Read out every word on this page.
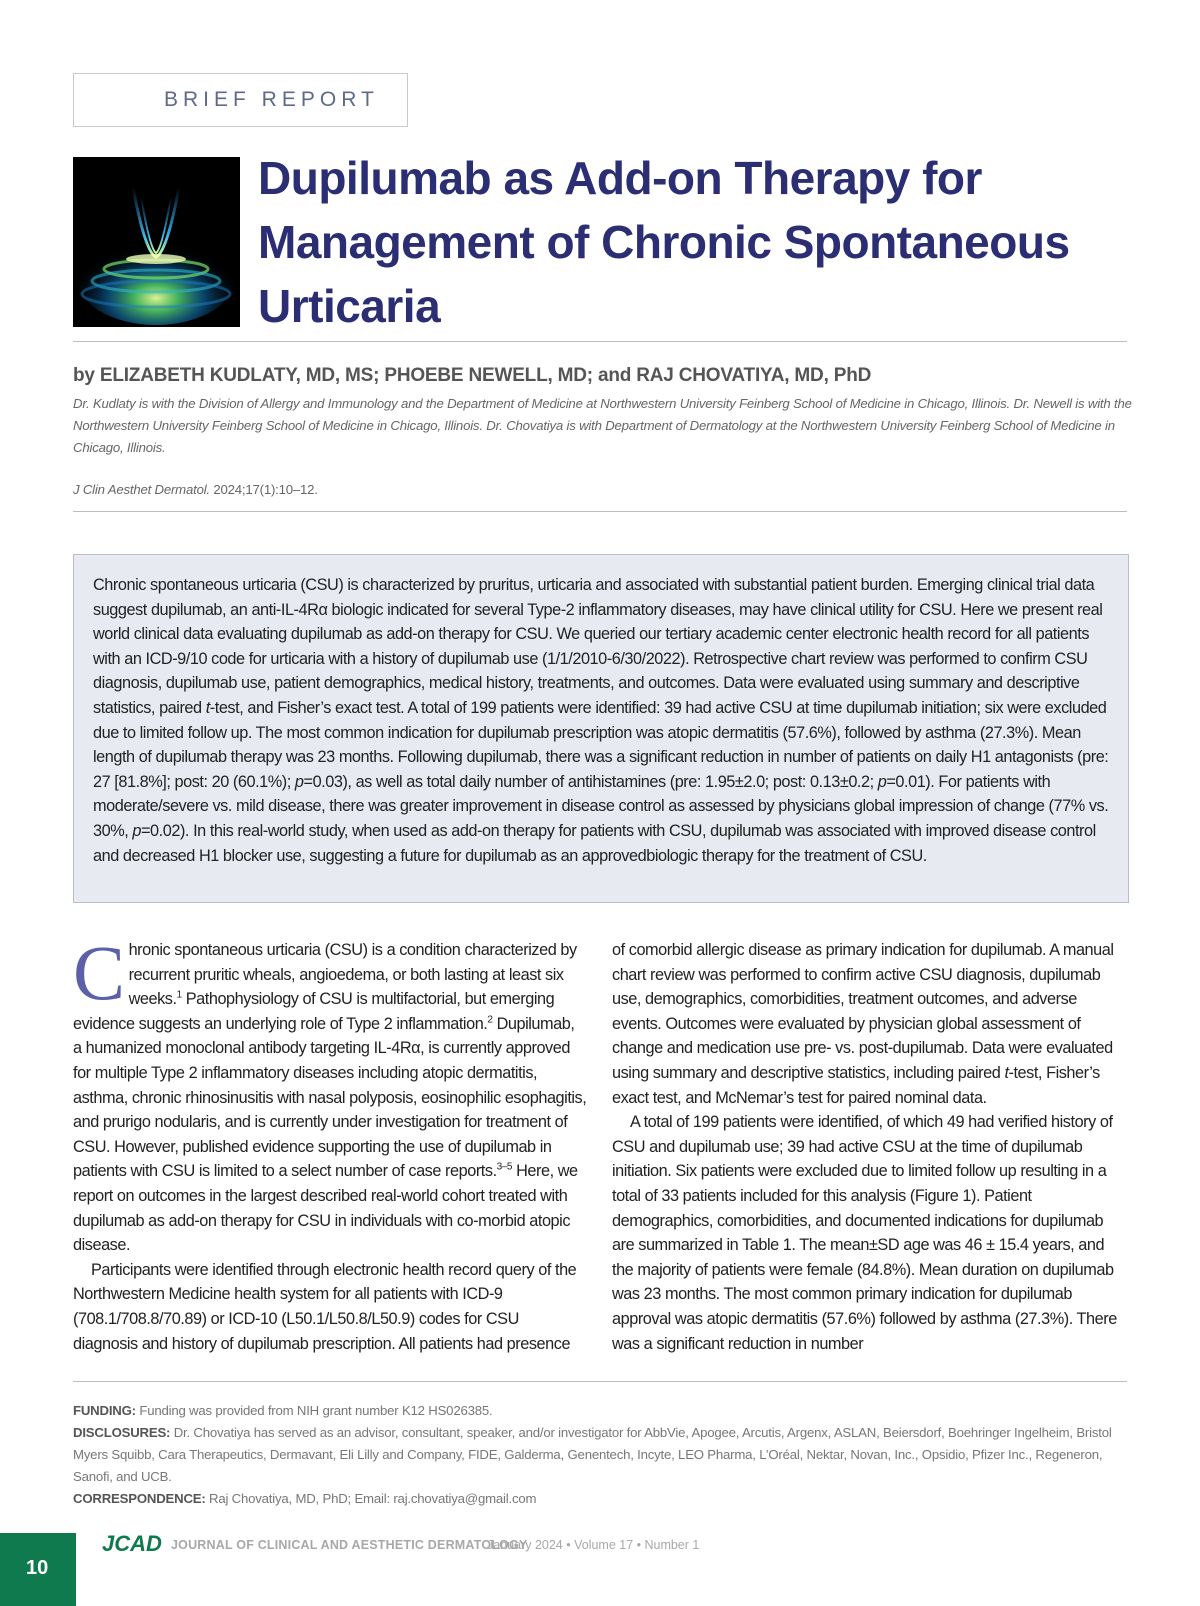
BRIEF REPORT
Dupilumab as Add-on Therapy for Management of Chronic Spontaneous Urticaria
by ELIZABETH KUDLATY, MD, MS; PHOEBE NEWELL, MD; and RAJ CHOVATIYA, MD, PhD
Dr. Kudlaty is with the Division of Allergy and Immunology and the Department of Medicine at Northwestern University Feinberg School of Medicine in Chicago, Illinois. Dr. Newell is with the Northwestern University Feinberg School of Medicine in Chicago, Illinois. Dr. Chovatiya is with Department of Dermatology at the Northwestern University Feinberg School of Medicine in Chicago, Illinois.
J Clin Aesthet Dermatol. 2024;17(1):10–12.

Chronic spontaneous urticaria (CSU) is characterized by pruritus, urticaria and associated with substantial patient burden. Emerging clinical trial data suggest dupilumab, an anti-IL-4Rα biologic indicated for several Type-2 inflammatory diseases, may have clinical utility for CSU. Here we present real world clinical data evaluating dupilumab as add-on therapy for CSU. We queried our tertiary academic center electronic health record for all patients with an ICD-9/10 code for urticaria with a history of dupilumab use (1/1/2010-6/30/2022). Retrospective chart review was performed to confirm CSU diagnosis, dupilumab use, patient demographics, medical history, treatments, and outcomes. Data were evaluated using summary and descriptive statistics, paired t-test, and Fisher’s exact test. A total of 199 patients were identified: 39 had active CSU at time dupilumab initiation; six were excluded due to limited follow up. The most common indication for dupilumab prescription was atopic dermatitis (57.6%), followed by asthma (27.3%). Mean length of dupilumab therapy was 23 months. Following dupilumab, there was a significant reduction in number of patients on daily H1 antagonists (pre: 27 [81.8%]; post: 20 (60.1%); p=0.03), as well as total daily number of antihistamines (pre: 1.95±2.0; post: 0.13±0.2; p=0.01). For patients with moderate/severe vs. mild disease, there was greater improvement in disease control as assessed by physicians global impression of change (77% vs. 30%, p=0.02). In this real-world study, when used as add-on therapy for patients with CSU, dupilumab was associated with improved disease control and decreased H1 blocker use, suggesting a future for dupilumab as an approvedbiologic therapy for the treatment of CSU.

Chronic spontaneous urticaria (CSU) is a condition characterized by recurrent pruritic wheals, angioedema, or both lasting at least six weeks.$^1$ Pathophysiology of CSU is multifactorial, but emerging evidence suggests an underlying role of Type 2 inflammation.$^2$ Dupilumab, a humanized monoclonal antibody targeting IL-4Rα, is currently approved for multiple Type 2 inflammatory diseases including atopic dermatitis, asthma, chronic rhinosinusitis with nasal polyposis, eosinophilic esophagitis, and prurigo nodularis, and is currently under investigation for treatment of CSU. However, published evidence supporting the use of dupilumab in patients with CSU is limited to a select number of case reports.$^{3-5}$ Here, we report on outcomes in the largest described real-world cohort treated with dupilumab as add-on therapy for CSU in individuals with co-morbid atopic disease.

Participants were identified through electronic health record query of the Northwestern Medicine health system for all patients with ICD-9 (708.1/708.8/70.89) or ICD-10 (L50.1/L50.8/L50.9) codes for CSU diagnosis and history of dupilumab prescription. All patients had presence

of comorbid allergic disease as primary indication for dupilumab. A manual chart review was performed to confirm active CSU diagnosis, dupilumab use, demographics, comorbidities, treatment outcomes, and adverse events. Outcomes were evaluated by physician global assessment of change and medication use pre- vs. post-dupilumab. Data were evaluated using summary and descriptive statistics, including paired t-test, Fisher’s exact test, and McNemar’s test for paired nominal data.

A total of 199 patients were identified, of which 49 had verified history of CSU and dupilumab use; 39 had active CSU at the time of dupilumab initiation. Six patients were excluded due to limited follow up resulting in a total of 33 patients included for this analysis (Figure 1). Patient demographics, comorbidities, and documented indications for dupilumab are summarized in Table 1. The mean±SD age was 46 ± 15.4 years, and the majority of patients were female (84.8%). Mean duration on dupilumab was 23 months. The most common primary indication for dupilumab approval was atopic dermatitis (57.6%) followed by asthma (27.3%). There was a significant reduction in number

FUNDING: Funding was provided from NIH grant number K12 HS026385.
DISCLOSURES: Dr. Chovatiya has served as an advisor, consultant, speaker, and/or investigator for AbbVie, Apogee, Arcutis, Argenx, ASLAN, Beiersdorf, Boehringer Ingelheim, Bristol Myers Squibb, Cara Therapeutics, Dermavant, Eli Lilly and Company, FIDE, Galderma, Genentech, Incyte, LEO Pharma, L’Oréal, Nektar, Novan, Inc., Opsidio, Pfizer Inc., Regeneron, Sanofi, and UCB.
CORRESPONDENCE: Raj Chovatiya, MD, PhD; Email: raj.chovatiya@gmail.com
10
JCAD JOURNAL OF CLINICAL AND AESTHETIC DERMATOLOGY
January 2024 • Volume 17 • Number 1
